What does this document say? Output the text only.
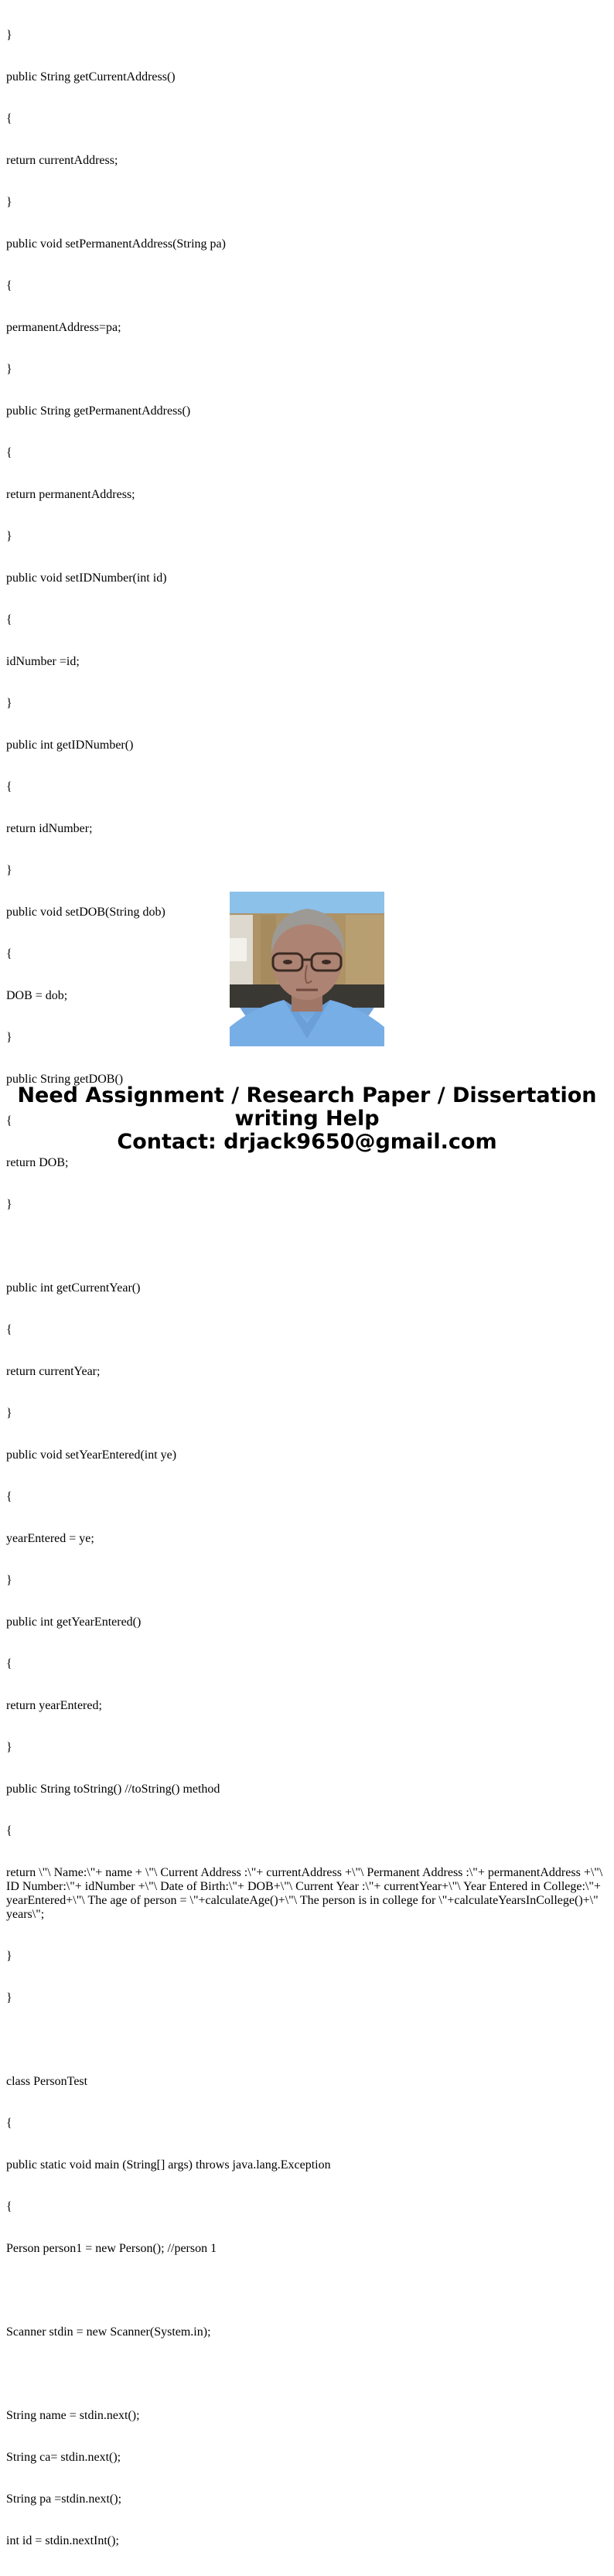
}

public String getCurrentAddress()

{

return currentAddress;

}

public void setPermanentAddress(String pa)

{

permanentAddress=pa;

}

public String getPermanentAddress()

{

return permanentAddress;

}

public void setIDNumber(int id)

{

idNumber =id;

}

public int getIDNumber()

{

return idNumber;

}

public void setDOB(String dob)

{

DOB = dob;

}

public String getDOB()

{

return DOB;

}

public int getCurrentYear()

{

return currentYear;

}

public void setYearEntered(int ye)

{

yearEntered = ye;

}

public int getYearEntered()

{

return yearEntered;

}

public String toString() //toString() method

{

return \"\ Name:\"+ name + \"\ Current Address :\"+ currentAddress +\"\ Permanent Address :\"+ permanentAddress +\"\ ID Number:\"+ idNumber +\"\ Date of Birth:\"+ DOB+\"\ Current Year :\"+ currentYear+\"\ Year Entered in College:\"+ yearEntered+\"\ The age of person = \"+calculateAge()+\"\ The person is in college for \"+calculateYearsInCollege()+\" years\";

}

}

class PersonTest

{

public static void main (String[] args) throws java.lang.Exception

{

Person person1 = new Person(); //person 1

Scanner stdin = new Scanner(System.in);

String name = stdin.next();

String ca= stdin.next();

String pa =stdin.next();

int id = stdin.nextInt();

Need Assignment / Research Paper / Dissertation
writing Help
Contact: drjack9650@gmail.com
